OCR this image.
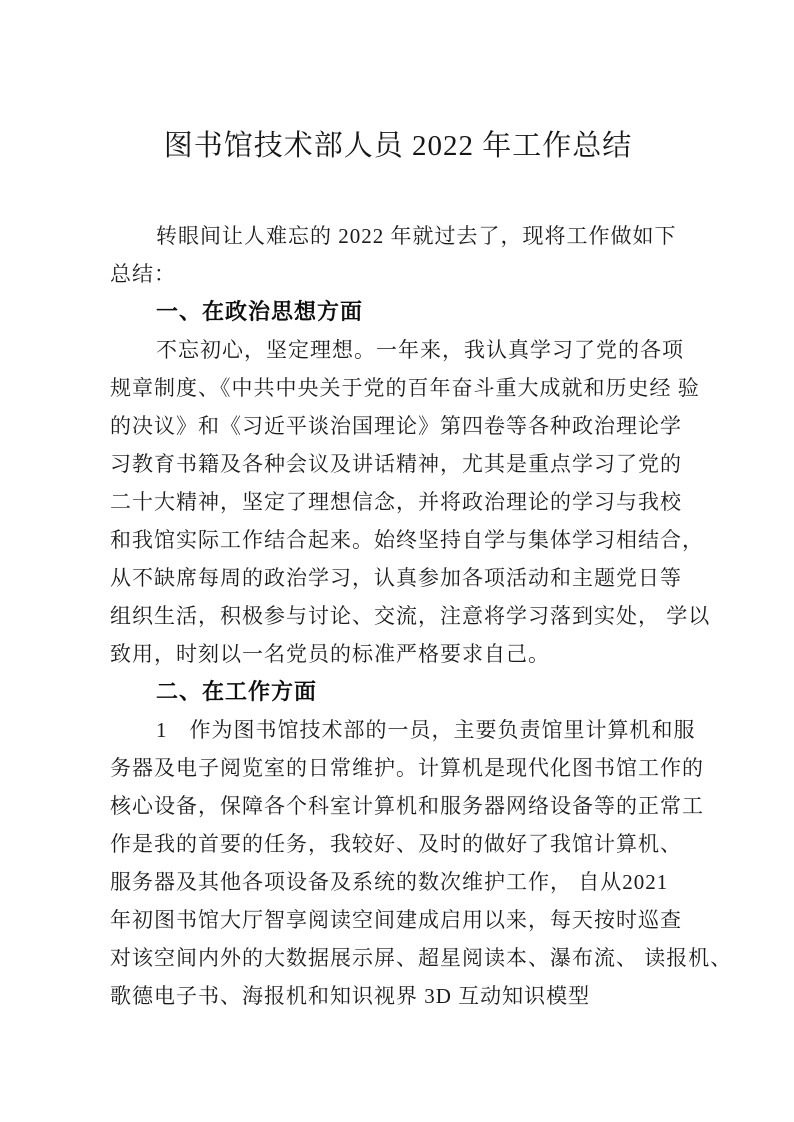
图书馆技术部人员 2022 年工作总结
转眼间让人难忘的 2022 年就过去了，现将工作做如下
总结：
一、在政治思想方面
不忘初心，坚定理想。一年来，我认真学习了党的各项
规章制度、《中共中央关于党的百年奋斗重大成就和历史经 验
的决议》和《习近平谈治国理论》第四卷等各种政治理论学
习教育书籍及各种会议及讲话精神，尤其是重点学习了党的
二十大精神，坚定了理想信念，并将政治理论的学习与我校
和我馆实际工作结合起来。始终坚持自学与集体学习相结合，
从不缺席每周的政治学习，认真参加各项活动和主题党日等
组织生活，积极参与讨论、交流，注意将学习落到实处， 学以
致用，时刻以一名党员的标准严格要求自己。
二、在工作方面
1　作为图书馆技术部的一员，主要负责馆里计算机和服
务器及电子阅览室的日常维护。计算机是现代化图书馆工作的
核心设备，保障各个科室计算机和服务器网络设备等的正常工
作是我的首要的任务，我较好、及时的做好了我馆计算机、
服务器及其他各项设备及系统的数次维护工作， 自从2021
年初图书馆大厅智享阅读空间建成启用以来，每天按时巡查
对该空间内外的大数据展示屏、超星阅读本、瀑布流、 读报机、
歌德电子书、海报机和知识视界 3D 互动知识模型
